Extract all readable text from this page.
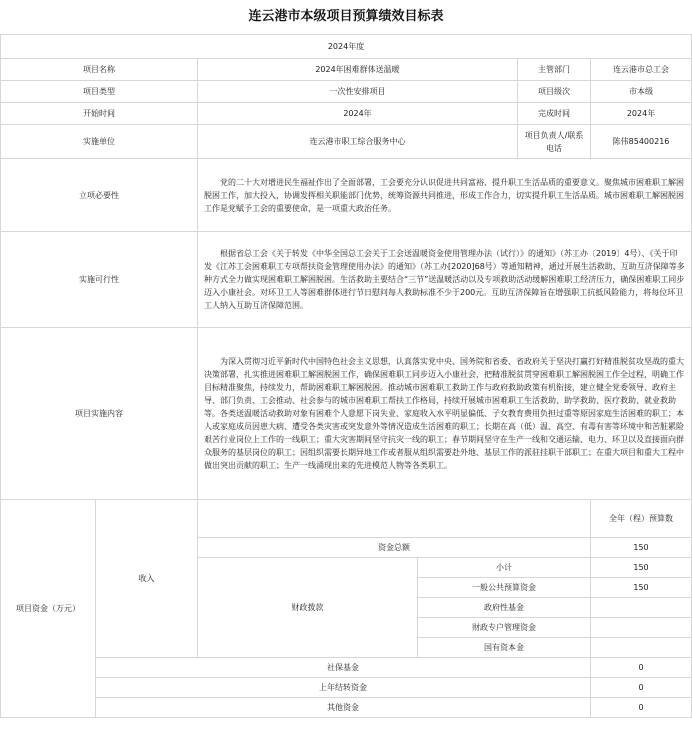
连云港市本级项目预算绩效目标表
2024年度					
项目名称		2024年困难群体送温暖		主管部门	连云港市总工会
项目类型		一次性安排项目		项目级次	市本级
开始时间		2024年		完成时间	2024年
实施单位		连云港市职工综合服务中心		项目负责人/联系电话	陈伟85400216
立项必要性		党的二十大对增进民生福祉作出了全面部署，工会要充分认识促进共同富裕、提升职工生活品质的重要意义。聚焦城市困难职工解困脱困工作，加大投入，协调发挥相关职能部门优势，统筹资源共同推进，形成工作合力，切实提升职工生活品质。城市困难职工解困脱困工作是党赋予工会的重要使命，是一项重大政治任务。			

实施可行性		根据省总工会《关于转发《中华全国总工会关于工会送温暖资金使用管理办法（试行）》的通知》（苏工办〔2019〕4号）、《关于印发《江苏工会困难职工专项帮扶资金管理使用办法》的通知》（苏工办[2020]68号）等通知精神，通过开展生活救助、互助互济保障等多种方式全力做实现困难职工解困脱困。生活救助主要结合“三节”送温暖活动以及专项救助活动缓解困难职工经济压力，确保困难职工同步迈入小康社会。对环卫工人等困难群体进行节日慰问每人救助标准不少于200元。互助互济保障旨在增强职工抗抵风险能力，将每位环卫工人纳入互助互济保障范围。			

项目实施内容		为深入贯彻习近平新时代中国特色社会主义思想，认真落实党中央、国务院和省委、省政府关于坚决打赢打好精准脱贫攻坚战的重大决策部署，扎实推进困难职工解困脱困工作，确保困难职工同步迈入小康社会，把精准脱贫贯穿困难职工解困脱困工作全过程，明确工作目标精准聚焦，持续发力，帮助困难职工解困脱困。推动城市困难职工救助工作与政府救助政策有机衔接，建立健全党委领导、政府主导、部门负责、工会推动、社会参与的城市困难职工帮扶工作格局，持续开展城市困难职工生活救助、助学救助、医疗救助、就业救助等。各类送温暖活动救助对象有困难个人意愿下岗失业、家庭收入水平明显偏低、子女教育费用负担过重等原因家庭生活困难的职工；本人或家庭成员因患大病、遭受各类灾害或突发意外等情况造成生活困难的职工；长期在高（低）温、高空、有毒有害等环境中和苦脏累险艰苦行业岗位上工作的一线职工；重大灾害期间坚守抗灾一线的职工；春节期间坚守在生产一线和交通运输、电力、环卫以及直接面向群众服务的基层岗位的职工；因组织需要长期异地工作或者服从组织需要赴外地、基层工作的派驻挂职干部职工；在重大项目和重大工程中做出突出贡献的职工；生产一线涌现出来的先进模范人物等各类职工。			

项目资金（万元）	收入				全年（程）预算数
		资金总额			150
		财政拨款	小计		150
			一般公共预算资金		150
			政府性基金		
			财政专户管理资金		
			国有资本金		
	社保基金				0
	上年结转资金				0
	其他资金				0
